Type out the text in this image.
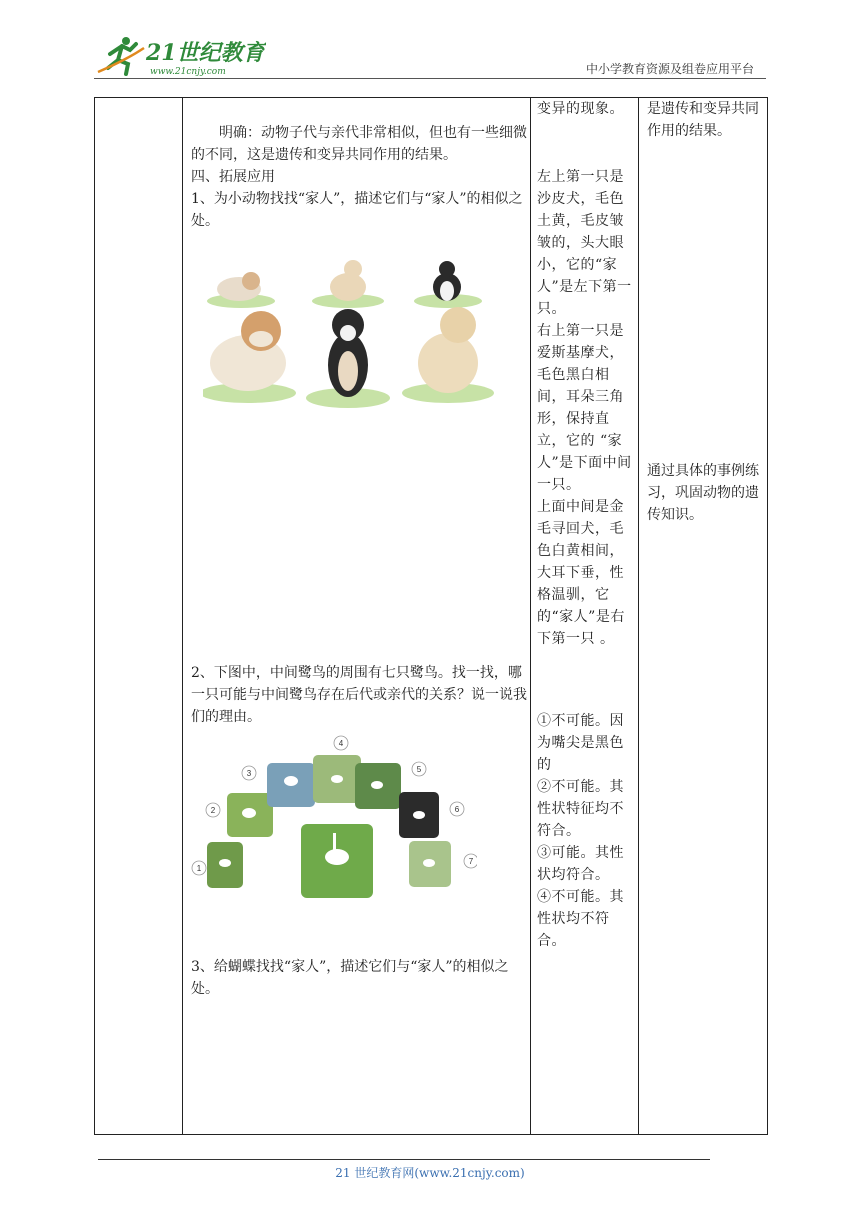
21世纪教育
www.21cnjy.com	中小学教育资源及组卷应用平台

明确：动物子代与亲代非常相似，但也有一些细微的不同，这是遗传和变异共同作用的结果。

四、拓展应用

1、为小动物找找“家人”，描述它们与“家人”的相似之处。

2、下图中，中间鹭鸟的周围有七只鹭鸟。找一找，哪一只可能与中间鹭鸟存在后代或亲代的关系？说一说我们的理由。

1
2
3
4
5
6
7

3、给蝴蝶找找“家人”，描述它们与“家人”的相似之处。

变异的现象。

左上第一只是沙皮犬，毛色土黄，毛皮皱皱的，头大眼小，它的“家人”是左下第一只。

右上第一只是爱斯基摩犬，毛色黑白相间，耳朵三角形，保持直立，它的 “家人”是下面中间一只。

上面中间是金毛寻回犬，毛色白黄相间，大耳下垂，性格温驯，它的“家人”是右下第一只 。

①不可能。因为嘴尖是黑色的

②不可能。其性状特征均不符合。

③可能。其性状均符合。

④不可能。其性状均不符合。

是遗传和变异共同作用的结果。

通过具体的事例练习，巩固动物的遗传知识。

21 世纪教育网(www.21cnjy.com)
